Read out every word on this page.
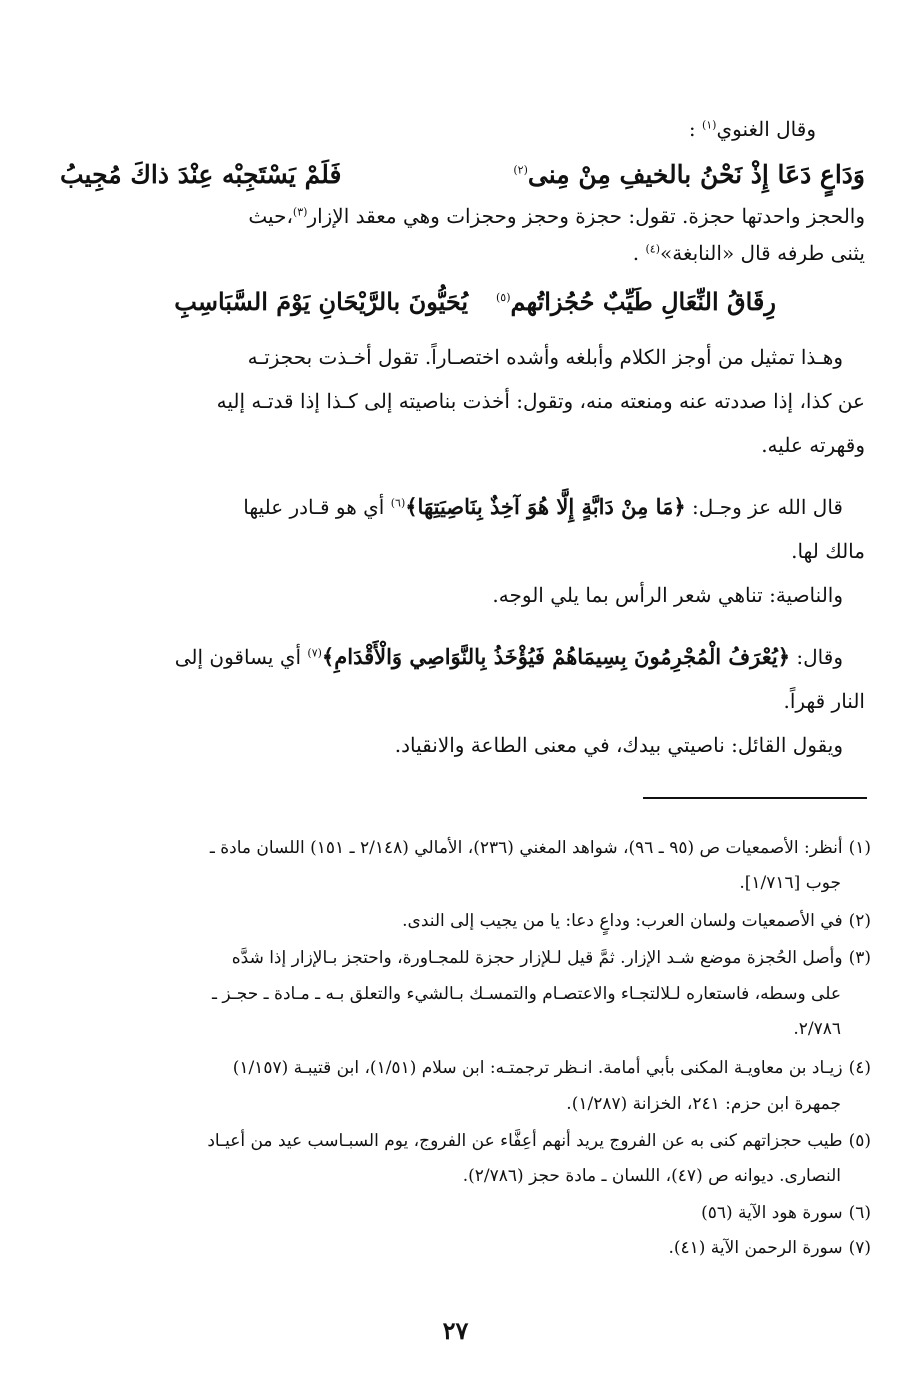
وقال الغنوي$^{(١)}$ :
وَدَاعٍ دَعَا إِذْ نَحْنُ بالخيفِ مِنْ مِنى$^{(٢)}$
فَلَمْ يَسْتَجِبْه عِنْدَ ذاكَ مُجِيبُ
والحجز واحدتها حجزة. تقول: حجزة وحجز وحجزات وهي معقد الإزار$^{(٣)}$،حيث
يثنى طرفه قال «النابغة»$^{(٤)}$ .
رِقَاقُ النِّعَالِ طَيِّبٌ حُجُزاتُهم$^{(٥)}$يُحَيُّونَ بالرَّيْحَانِ يَوْمَ السَّبَاسِبِ
وهـذا تمثيل من أوجز الكلام وأبلغه وأشده اختصـاراً. تقول أخـذت بحجزتـه
عن كذا، إذا صددته عنه ومنعته منه، وتقول: أخذت بناصيته إلى كـذا إذا قدتـه إليه
وقهرته عليه.
قال الله عز وجـل: ﴿مَا مِنْ دَابَّةٍ إِلَّا هُوَ آخِذٌ بِنَاصِيَتِهَا﴾$^{(٦)}$ أي هو قـادر عليها
مالك لها.
والناصية: تناهي شعر الرأس بما يلي الوجه.
وقال: ﴿يُعْرَفُ الْمُجْرِمُونَ بِسِيمَاهُمْ فَيُؤْخَذُ بِالنَّوَاصِي وَالْأَقْدَامِ﴾$^{(٧)}$ أي يساقون إلى
النار قهراً.
ويقول القائل: ناصيتي بيدك، في معنى الطاعة والانقياد.
(١)أنظر: الأصمعيات ص (٩٥ ـ ٩٦)، شواهد المغني (٢٣٦)، الأمالي (٢/١٤٨ ـ ١٥١) اللسان مادة ـ
جوب [١/٧١٦].
(٢)في الأصمعيات ولسان العرب: وداعٍ دعا: يا من يجيب إلى الندى.
(٣)وأصل الحُجزة موضع شـد الإزار. ثمَّ قيل لـلإزار حجزة للمجـاورة، واحتجز بـالإزار إذا شدَّه
على وسطه، فاستعاره لـلالتجـاء والاعتصـام والتمسـك بـالشيء والتعلق بـه ـ مـادة ـ حجـز ـ
٢/٧٨٦.
(٤)زيـاد بن معاويـة المكنى بأبي أمامة. انـظر ترجمتـه: ابن سلام (١/٥١)، ابن قتيبـة (١/١٥٧)
جمهرة ابن حزم: ٢٤١، الخزانة (١/٢٨٧).
(٥)طيب حجزاتهم كنى به عن الفروج يريد أنهم أعِفَّاء عن الفروج، يوم السبـاسب عيد من أعيـاد
النصارى. ديوانه ص (٤٧)، اللسان ـ مادة حجز (٢/٧٨٦).
(٦)سورة هود الآية (٥٦)
(٧)سورة الرحمن الآية (٤١).
٢٧
